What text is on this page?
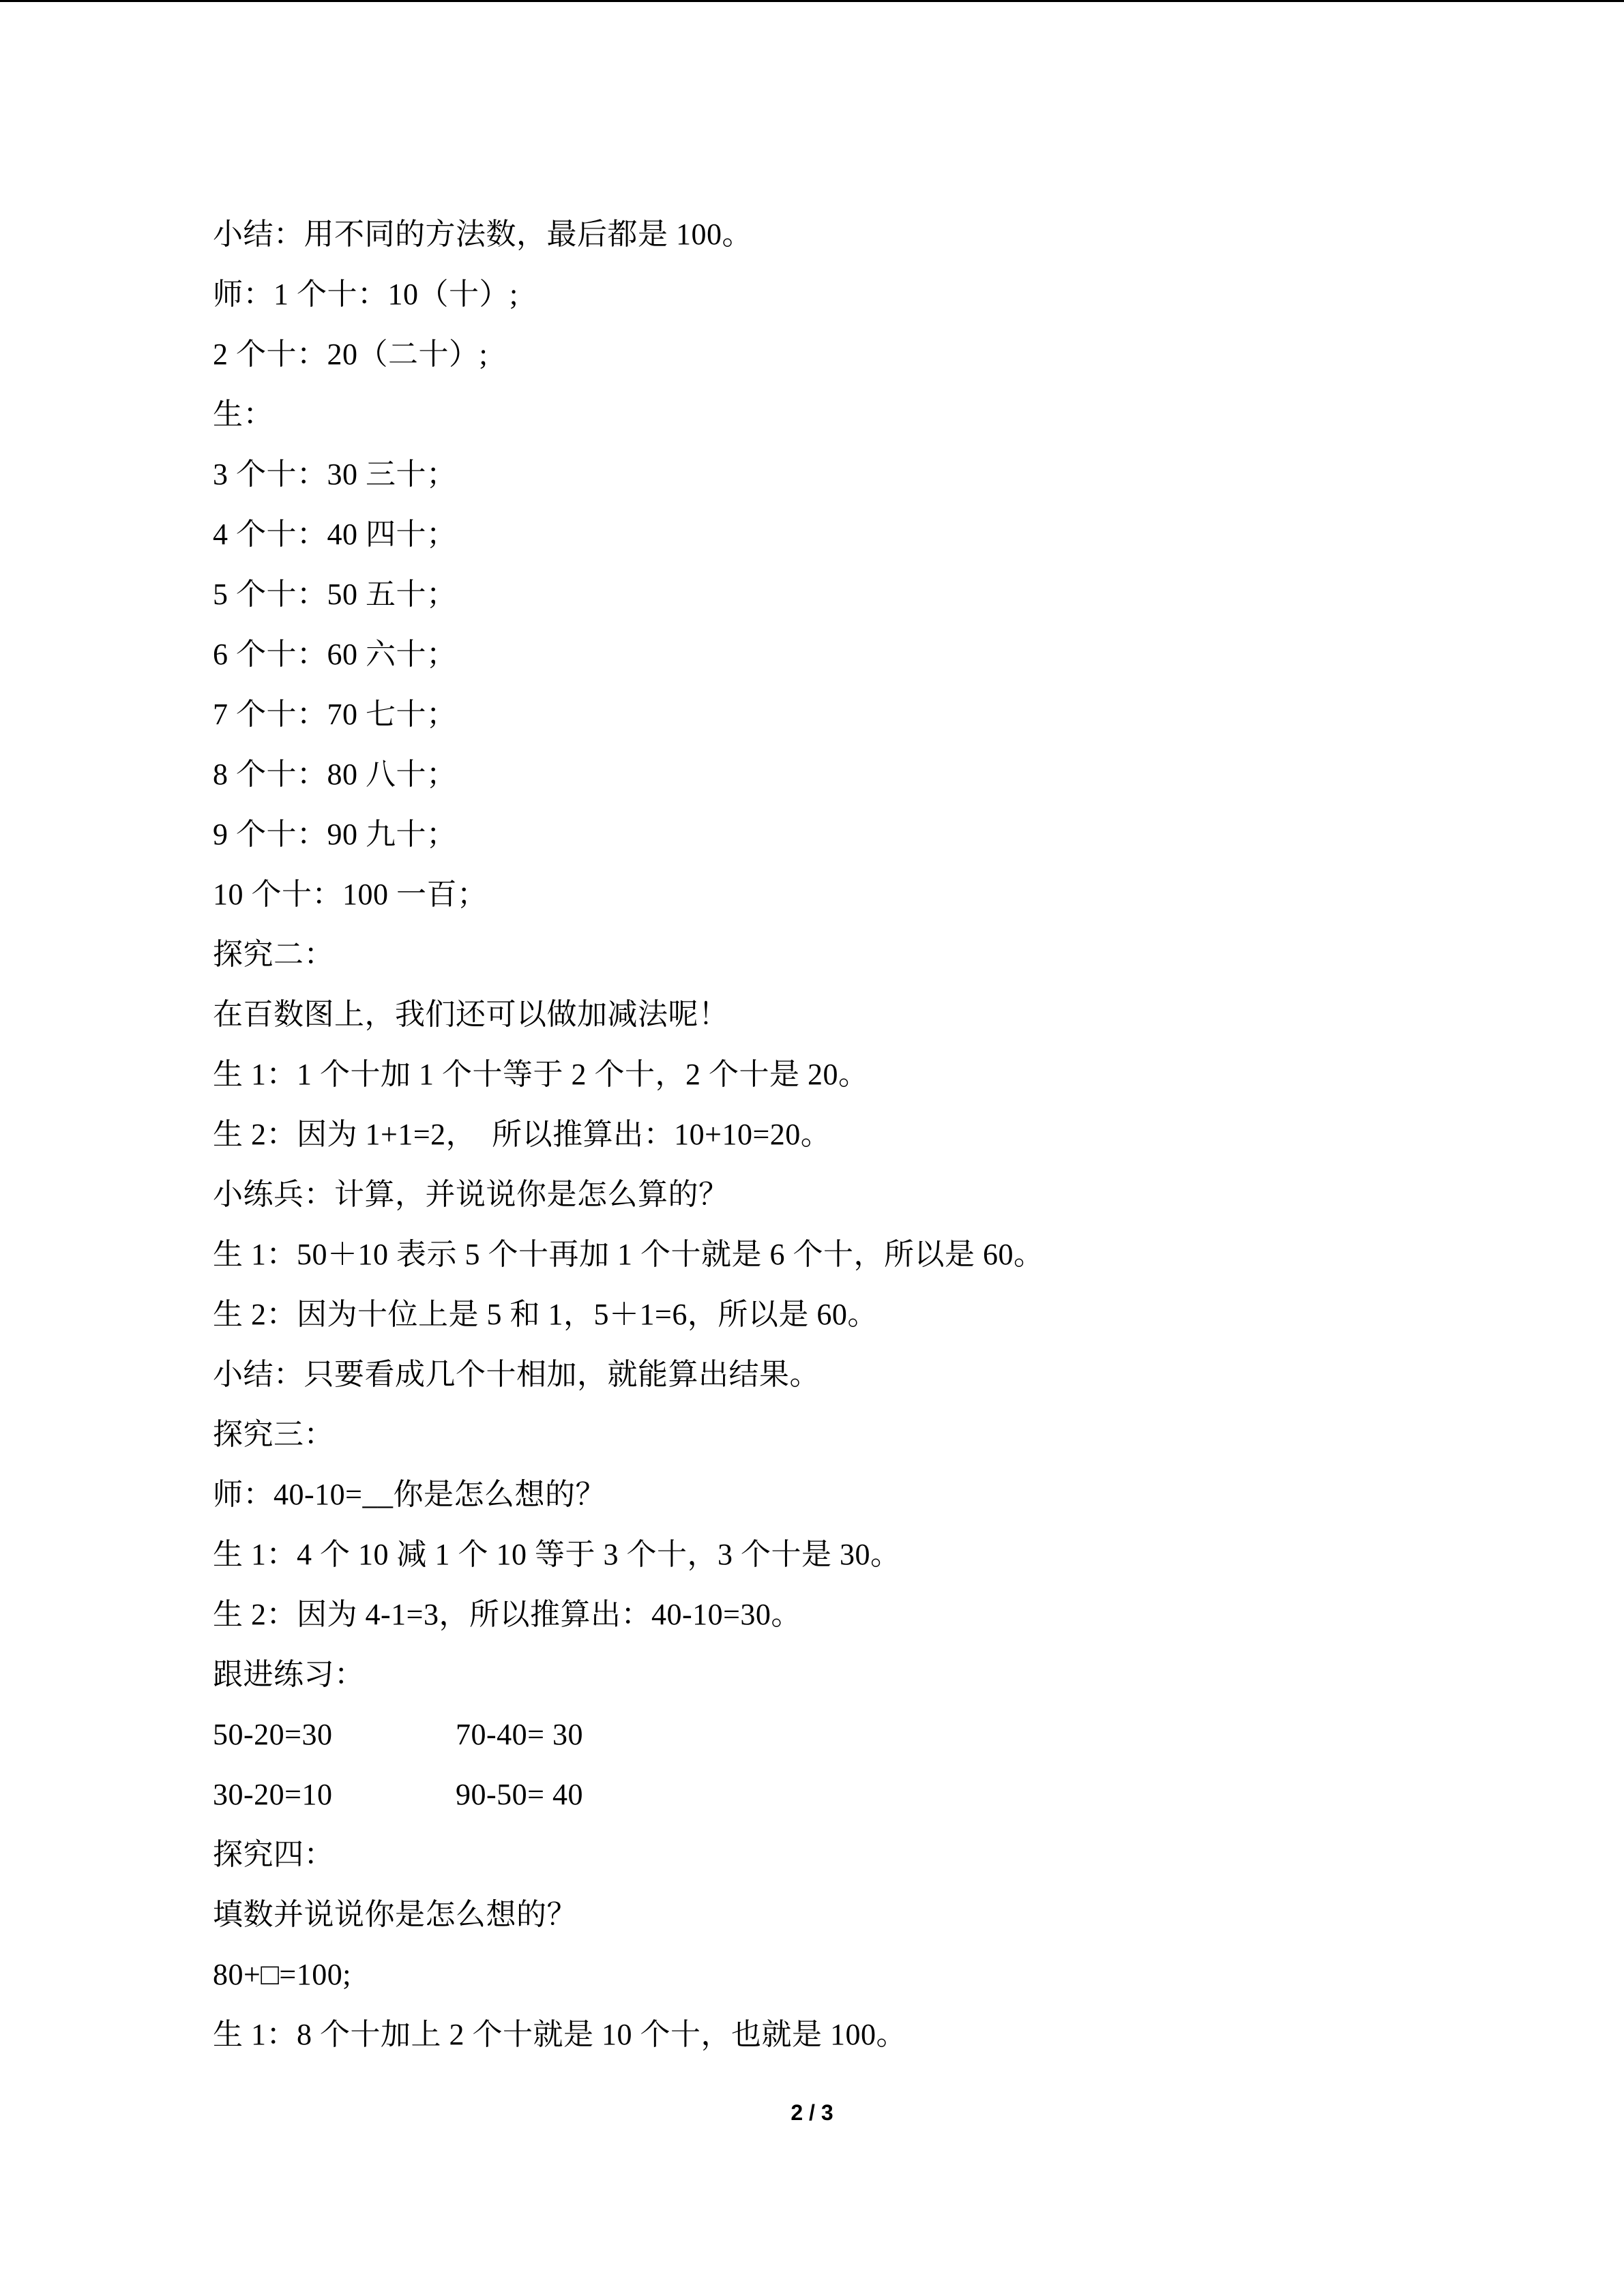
小结：用不同的方法数，最后都是 100。
师：1 个十：10（十）;
2 个十：20（二十）;
生：
3 个十：30 三十；
4 个十：40 四十；
5 个十：50 五十；
6 个十：60 六十；
7 个十：70 七十；
8 个十：80 八十；
9 个十：90 九十；
10 个十：100 一百；
探究二：
在百数图上，我们还可以做加减法呢！
生 1：1 个十加 1 个十等于 2 个十，2 个十是 20。
生 2：因为 1+1=2，  所以推算出：10+10=20。
小练兵：计算，并说说你是怎么算的？
生 1：50＋10 表示 5 个十再加 1 个十就是 6 个十，所以是 60。
生 2：因为十位上是 5 和 1，5＋1=6，所以是 60。
小结：只要看成几个十相加，就能算出结果。
探究三：
师：40-10=__你是怎么想的？
生 1：4 个 10 减 1 个 10 等于 3 个十，3 个十是 30。
生 2：因为 4-1=3，所以推算出：40-10=30。
跟进练习：
50-20=30	70-40= 30
30-20=10	90-50= 40
探究四：
填数并说说你是怎么想的？
80+□=100;
生 1：8 个十加上 2 个十就是 10 个十，也就是 100。
2 / 3
